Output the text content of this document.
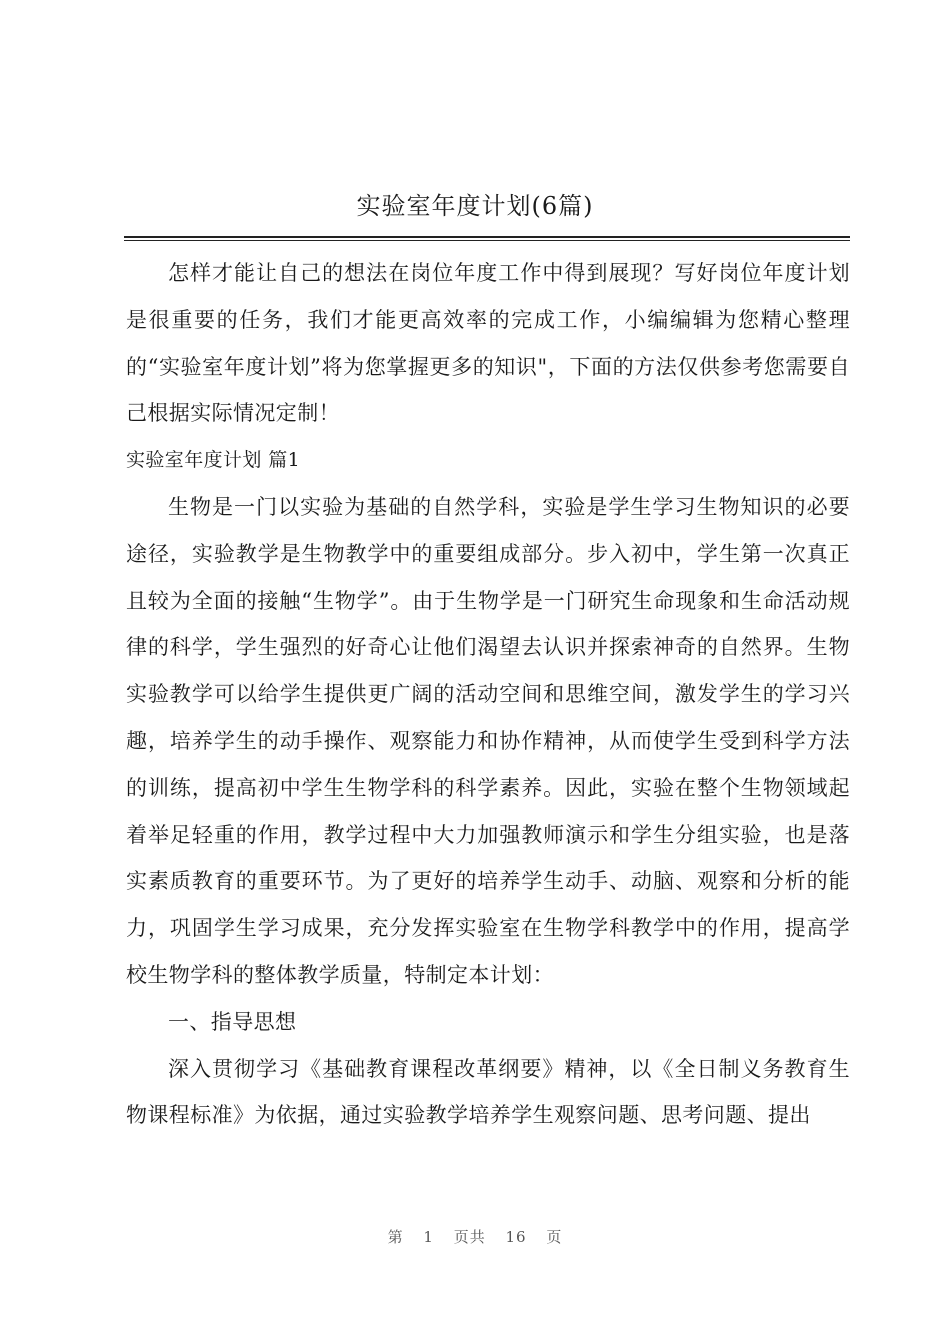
实验室年度计划(6篇)

怎样才能让自己的想法在岗位年度工作中得到展现？写好岗位年度计划是很重要的任务，我们才能更高效率的完成工作，小编编辑为您精心整理的“实验室年度计划”将为您掌握更多的知识"，下面的方法仅供参考您需要自己根据实际情况定制！

实验室年度计划 篇1

生物是一门以实验为基础的自然学科，实验是学生学习生物知识的必要途径，实验教学是生物教学中的重要组成部分。步入初中，学生第一次真正且较为全面的接触“生物学”。由于生物学是一门研究生命现象和生命活动规律的科学，学生强烈的好奇心让他们渴望去认识并探索神奇的自然界。生物实验教学可以给学生提供更广阔的活动空间和思维空间，激发学生的学习兴趣，培养学生的动手操作、观察能力和协作精神，从而使学生受到科学方法的训练，提高初中学生生物学科的科学素养。因此，实验在整个生物领域起着举足轻重的作用，教学过程中大力加强教师演示和学生分组实验，也是落实素质教育的重要环节。为了更好的培养学生动手、动脑、观察和分析的能力，巩固学生学习成果，充分发挥实验室在生物学科教学中的作用，提高学校生物学科的整体教学质量，特制定本计划：

一、指导思想

深入贯彻学习《基础教育课程改革纲要》精神，以《全日制义务教育生物课程标准》为依据，通过实验教学培养学生观察问题、思考问题、提出

第 1 页共 16 页
